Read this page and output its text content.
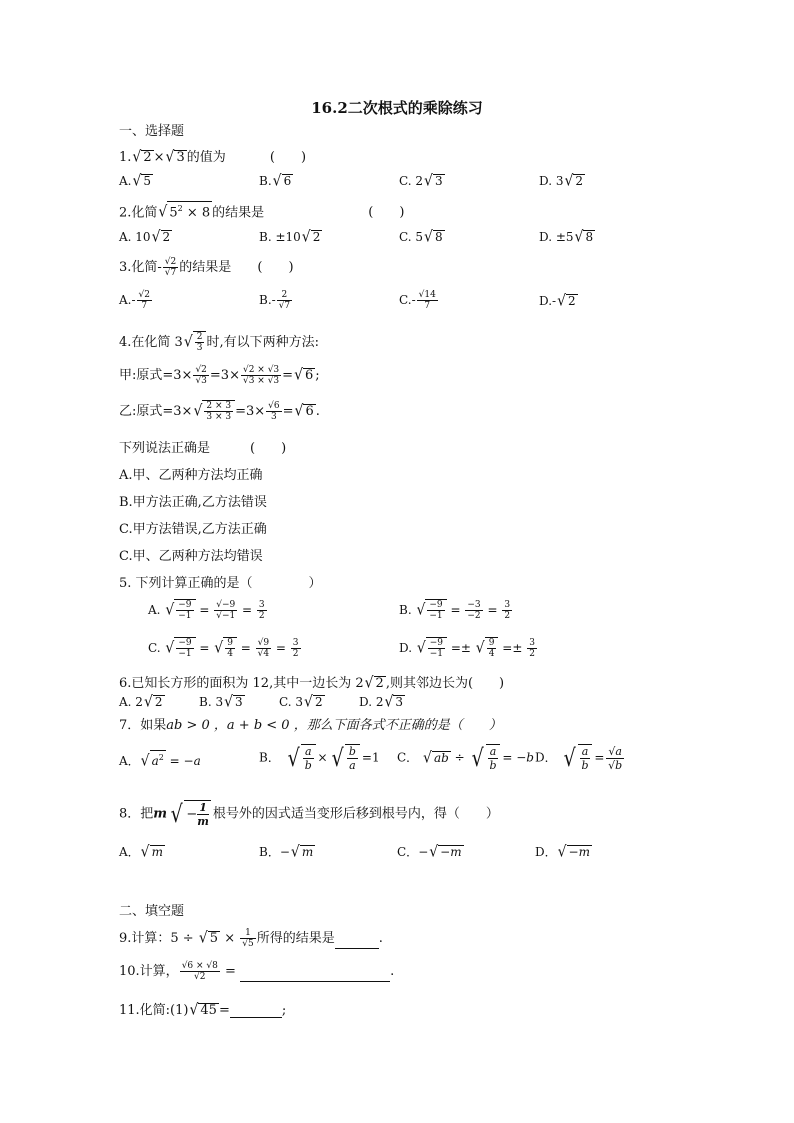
16.2二次根式的乘除练习
一、选择题
1.√ 2 ×√ 3 的值为	(　　)
A.√ 5	B.√ 6	C. 2√ 3	D. 3√ 2
2.化简√ $5^2 \times 8$ 的结果是	(　　)
A. 10√ 2	B. ±10√ 2	C. 5√ 8	D. ±5√ 8
3.化简- $\frac{√2}{√7}$ 的结果是 (　　)
$A.- \frac{√2}{7}$	$B.- \frac{2}{√7}$	$C.- \frac{√14}{7}$	D.-√ 2
4.在化简 $3√ \frac{2}{3}$ 时,有以下两种方法:
甲:原式$=3\times \frac{√2}{√3} =3\times \frac{√2 \times √3}{√3 \times √3}$ =√ 6 ;
乙:原式$=3\times√ \frac{2 \times 3}{3 \times 3} =3\times \frac{√6}{3}$ =√ 6 .
下列说法正确是	(　　)
A.甲、乙两种方法均正确
B.甲方法正确,乙方法错误
C.甲方法错误,乙方法正确
C.甲、乙两种方法均错误
5. 下列计算正确的是（	）
A. √ $\frac{-9}{-1} = \frac{√-9}{√-1} = \frac{3}{2}$	B. √ $\frac{-9}{-1} = \frac{-3}{-2} = \frac{3}{2}$
C. √ $\frac{-9}{-1}$ = √ $\frac{9}{4} = \frac{√9}{√4} = \frac{3}{2}$	D. √ $\frac{-9}{-1}$ =± √ $\frac{9}{4} =\pm \frac{3}{2}$
6.已知长方形的面积为 12,其中一边长为 2√ 2 ,则其邻边长为(　　)
A. 2√ 2	B. 3√ 3	C. 3√ 2	D. 2√ 3
7．如果ab > 0 ，a + b < 0 ，那么下面各式不正确的是（　　）
A．√ $a^2 = -a$	B． √ $\frac{a}{b}$ × √ $\frac{b}{a} =1$ C． √ ab ÷ √ $\frac{a}{b} = -b$ D． √ $\frac{a}{b} = \frac{√a}{√b}$
8．把m √ − $\frac{1}{m}$ 根号外的因式适当变形后移到根号内，得（　　）
A．√ m	B．−√ m	C．−√ −m	D．√ −m
二、填空题
9.计算：5 ÷ √ $5 \times \frac{1}{√5}$ 所得的结果是	.
10.计算， $\frac{√6 \times √8}{√2}$ =	.
11.化简:(1)√ 45 =	;
